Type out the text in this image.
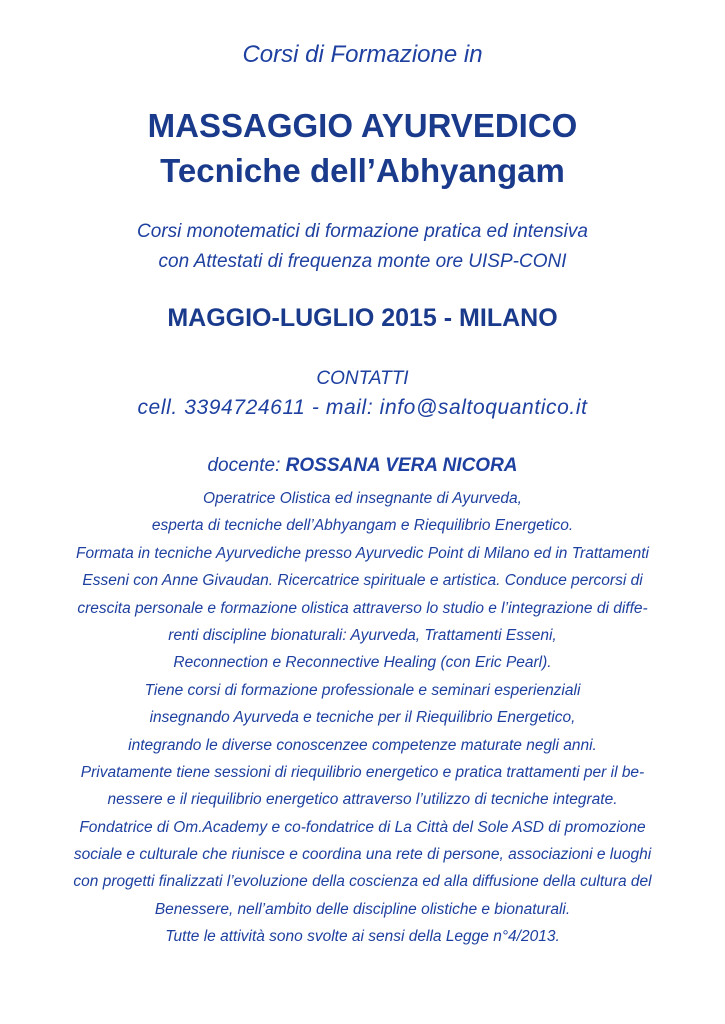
Corsi di Formazione in
MASSAGGIO AYURVEDICO
Tecniche dell’Abhyangam
Corsi monotematici di formazione pratica ed intensiva
con Attestati di frequenza monte ore UISP-CONI
MAGGIO-LUGLIO 2015 - MILANO
CONTATTI
cell. 3394724611 - mail: info@saltoquantico.it
docente: ROSSANA VERA NICORA
Operatrice Olistica ed insegnante di Ayurveda,
esperta di tecniche dell’Abhyangam e Riequilibrio Energetico.
Formata in tecniche Ayurvediche presso Ayurvedic Point di Milano ed in Trattamenti
Esseni con Anne Givaudan. Ricercatrice spirituale e artistica. Conduce percorsi di
crescita personale e formazione olistica attraverso lo studio e l’integrazione di diffe-
renti discipline bionaturali: Ayurveda, Trattamenti Esseni,
Reconnection e Reconnective Healing (con Eric Pearl).
Tiene corsi di formazione professionale e seminari esperienziali
insegnando Ayurveda e tecniche per il Riequilibrio Energetico,
integrando le diverse conoscenzee competenze maturate negli anni.
Privatamente tiene sessioni di riequilibrio energetico e pratica trattamenti per il be-
nessere e il riequilibrio energetico attraverso l’utilizzo di tecniche integrate.
Fondatrice di Om.Academy e co-fondatrice di La Città del Sole ASD di promozione
sociale e culturale che riunisce e coordina una rete di persone, associazioni e luoghi
con progetti finalizzati l’evoluzione della coscienza ed alla diffusione della cultura del
Benessere, nell’ambito delle discipline olistiche e bionaturali.
Tutte le attività sono svolte ai sensi della Legge n°4/2013.
